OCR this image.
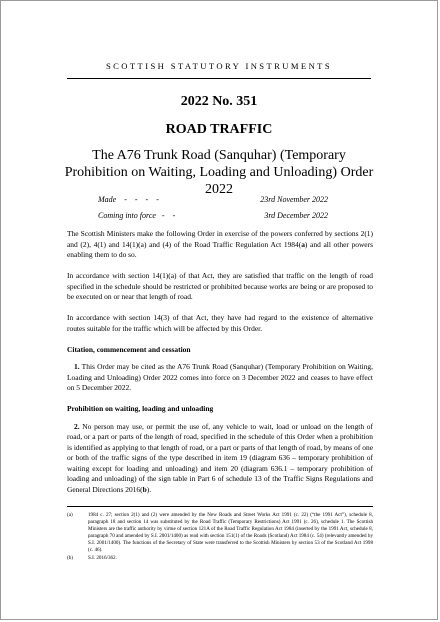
SCOTTISH STATUTORY INSTRUMENTS
2022 No. 351
ROAD TRAFFIC
The A76 Trunk Road (Sanquhar) (Temporary Prohibition on Waiting, Loading and Unloading) Order 2022
Made    -    -    -    -	23rd November 2022
Coming into force   -    -	3rd December 2022

The Scottish Ministers make the following Order in exercise of the powers conferred by sections 2(1) and (2), 4(1) and 14(1)(a) and (4) of the Road Traffic Regulation Act 1984(a) and all other powers enabling them to do so.

In accordance with section 14(1)(a) of that Act, they are satisfied that traffic on the length of road specified in the schedule should be restricted or prohibited because works are being or are proposed to be executed on or near that length of road.

In accordance with section 14(3) of that Act, they have had regard to the existence of alternative routes suitable for the traffic which will be affected by this Order.

Citation, commencement and cessation

1. This Order may be cited as the A76 Trunk Road (Sanquhar) (Temporary Prohibition on Waiting, Loading and Unloading) Order 2022 comes into force on 3 December 2022 and ceases to have effect on 5 December 2022.

Prohibition on waiting, loading and unloading

2. No person may use, or permit the use of, any vehicle to wait, load or unload on the length of road, or a part or parts of the length of road, specified in the schedule of this Order when a prohibition is identified as applying to that length of road, or a part or parts of that length of road, by means of one or both of the traffic signs of the type described in item 19 (diagram 636 – temporary prohibition of waiting except for loading and unloading) and item 20 (diagram 636.1 – temporary prohibition of loading and unloading) of the sign table in Part 6 of schedule 13 of the Traffic Signs Regulations and General Directions 2016(b).

(a)	1984 c. 27; section 2(1) and (2) were amended by the New Roads and Street Works Act 1991 (c. 22) (“the 1991 Act”), schedule 8, paragraph 18 and section 14 was substituted by the Road Traffic (Temporary Restrictions) Act 1991 (c. 26), schedule 1. The Scottish Ministers are the traffic authority by virtue of section 121A of the Road Traffic Regulation Act 1984 (inserted by the 1991 Act, schedule 8, paragraph 70 and amended by S.I. 2001/1400) as read with section 151(1) of the Roads (Scotland) Act 1984 (c. 54) (relevantly amended by S.I. 2001/1400). The functions of the Secretary of State were transferred to the Scottish Ministers by section 53 of the Scotland Act 1998 (c. 46).
(b)	S.I. 2016/362.
